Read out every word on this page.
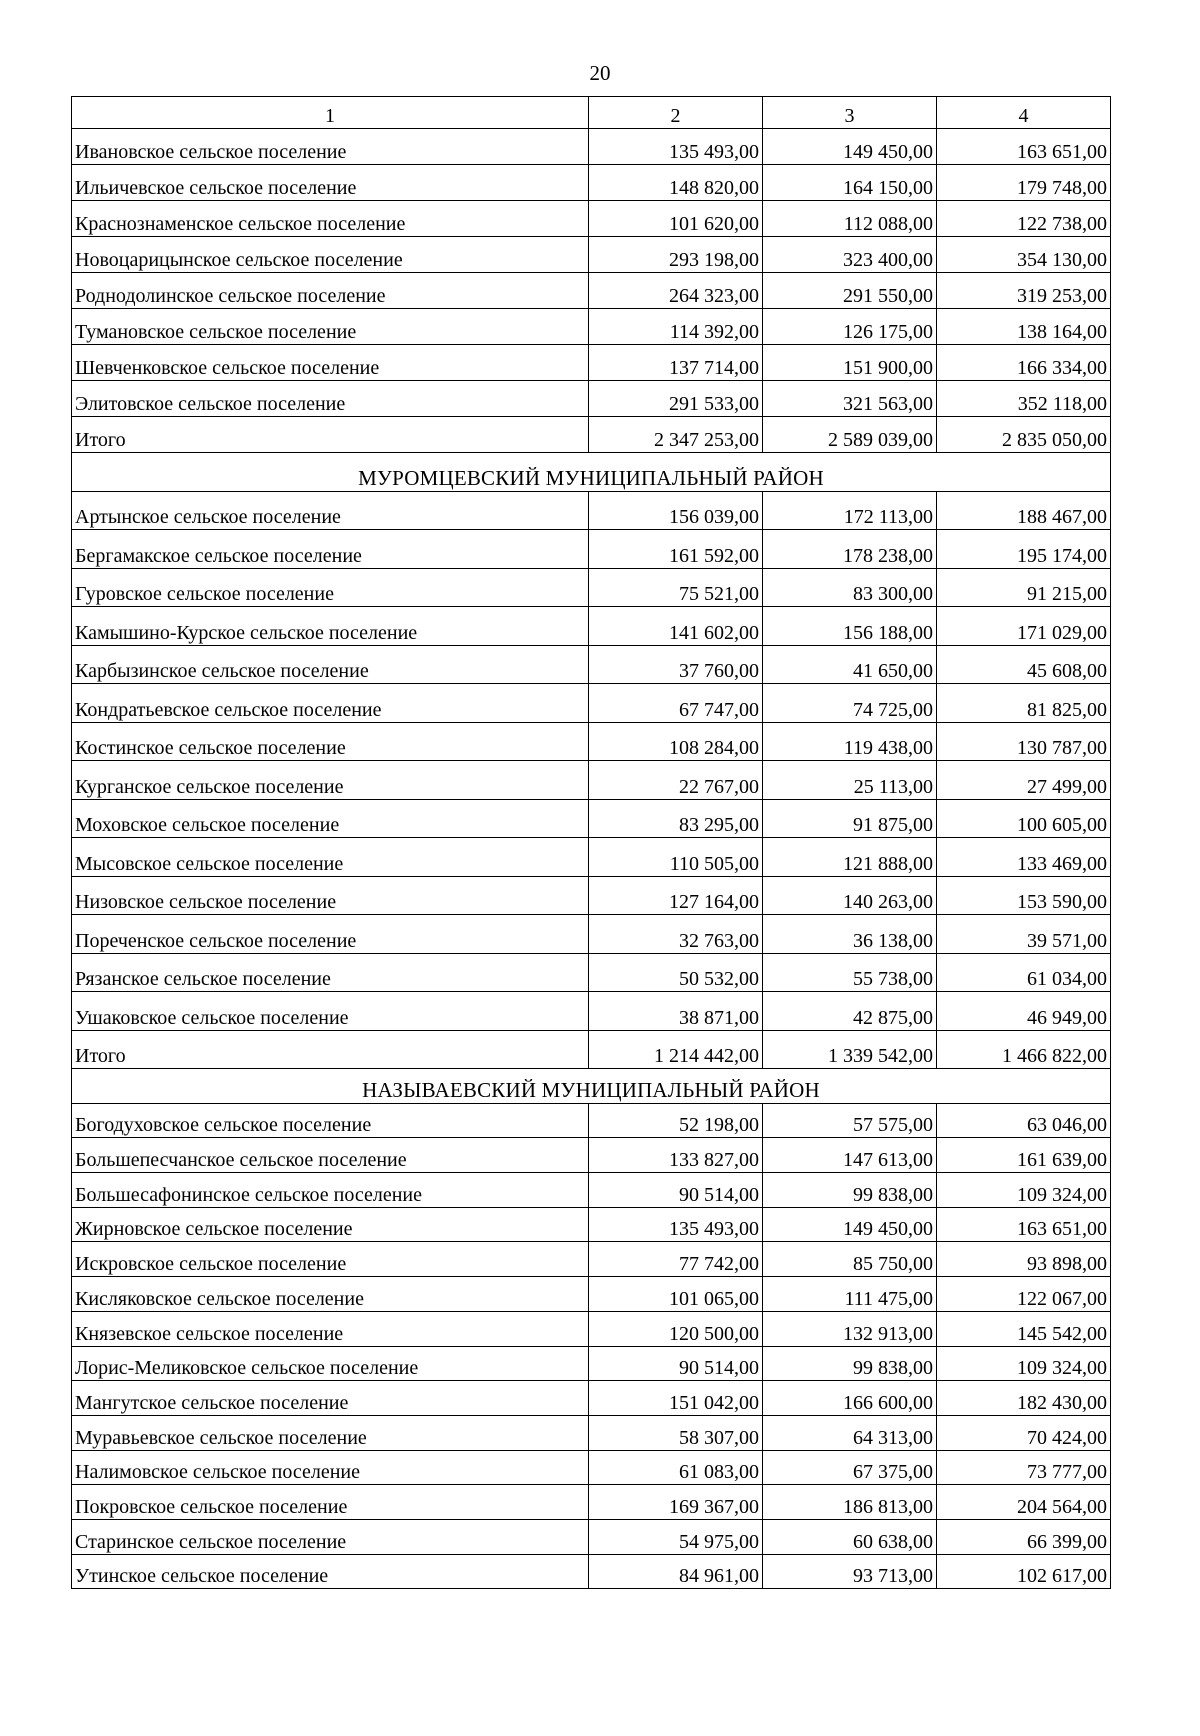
20
1	2	3	4
Ивановское сельское поселение	135 493,00	149 450,00	163 651,00
Ильичевское сельское поселение	148 820,00	164 150,00	179 748,00
Краснознаменское сельское поселение	101 620,00	112 088,00	122 738,00
Новоцарицынское сельское поселение	293 198,00	323 400,00	354 130,00
Роднодолинское сельское поселение	264 323,00	291 550,00	319 253,00
Тумановское сельское поселение	114 392,00	126 175,00	138 164,00
Шевченковское сельское поселение	137 714,00	151 900,00	166 334,00
Элитовское сельское поселение	291 533,00	321 563,00	352 118,00
Итого	2 347 253,00	2 589 039,00	2 835 050,00
МУРОМЦЕВСКИЙ МУНИЦИПАЛЬНЫЙ РАЙОН			
Артынское сельское поселение	156 039,00	172 113,00	188 467,00
Бергамакское сельское поселение	161 592,00	178 238,00	195 174,00
Гуровское сельское поселение	75 521,00	83 300,00	91 215,00
Камышино-Курское сельское поселение	141 602,00	156 188,00	171 029,00
Карбызинское сельское поселение	37 760,00	41 650,00	45 608,00
Кондратьевское сельское поселение	67 747,00	74 725,00	81 825,00
Костинское сельское поселение	108 284,00	119 438,00	130 787,00
Курганское сельское поселение	22 767,00	25 113,00	27 499,00
Моховское сельское поселение	83 295,00	91 875,00	100 605,00
Мысовское сельское поселение	110 505,00	121 888,00	133 469,00
Низовское сельское поселение	127 164,00	140 263,00	153 590,00
Пореченское сельское поселение	32 763,00	36 138,00	39 571,00
Рязанское сельское поселение	50 532,00	55 738,00	61 034,00
Ушаковское сельское поселение	38 871,00	42 875,00	46 949,00
Итого	1 214 442,00	1 339 542,00	1 466 822,00
НАЗЫВАЕВСКИЙ МУНИЦИПАЛЬНЫЙ РАЙОН			
Богодуховское сельское поселение	52 198,00	57 575,00	63 046,00
Большепесчанское сельское поселение	133 827,00	147 613,00	161 639,00
Большесафонинское сельское поселение	90 514,00	99 838,00	109 324,00
Жирновское сельское поселение	135 493,00	149 450,00	163 651,00
Искровское сельское поселение	77 742,00	85 750,00	93 898,00
Кисляковское сельское поселение	101 065,00	111 475,00	122 067,00
Князевское сельское поселение	120 500,00	132 913,00	145 542,00
Лорис-Меликовское сельское поселение	90 514,00	99 838,00	109 324,00
Мангутское сельское поселение	151 042,00	166 600,00	182 430,00
Муравьевское сельское поселение	58 307,00	64 313,00	70 424,00
Налимовское сельское поселение	61 083,00	67 375,00	73 777,00
Покровское сельское поселение	169 367,00	186 813,00	204 564,00
Старинское сельское поселение	54 975,00	60 638,00	66 399,00
Утинское сельское поселение	84 961,00	93 713,00	102 617,00
